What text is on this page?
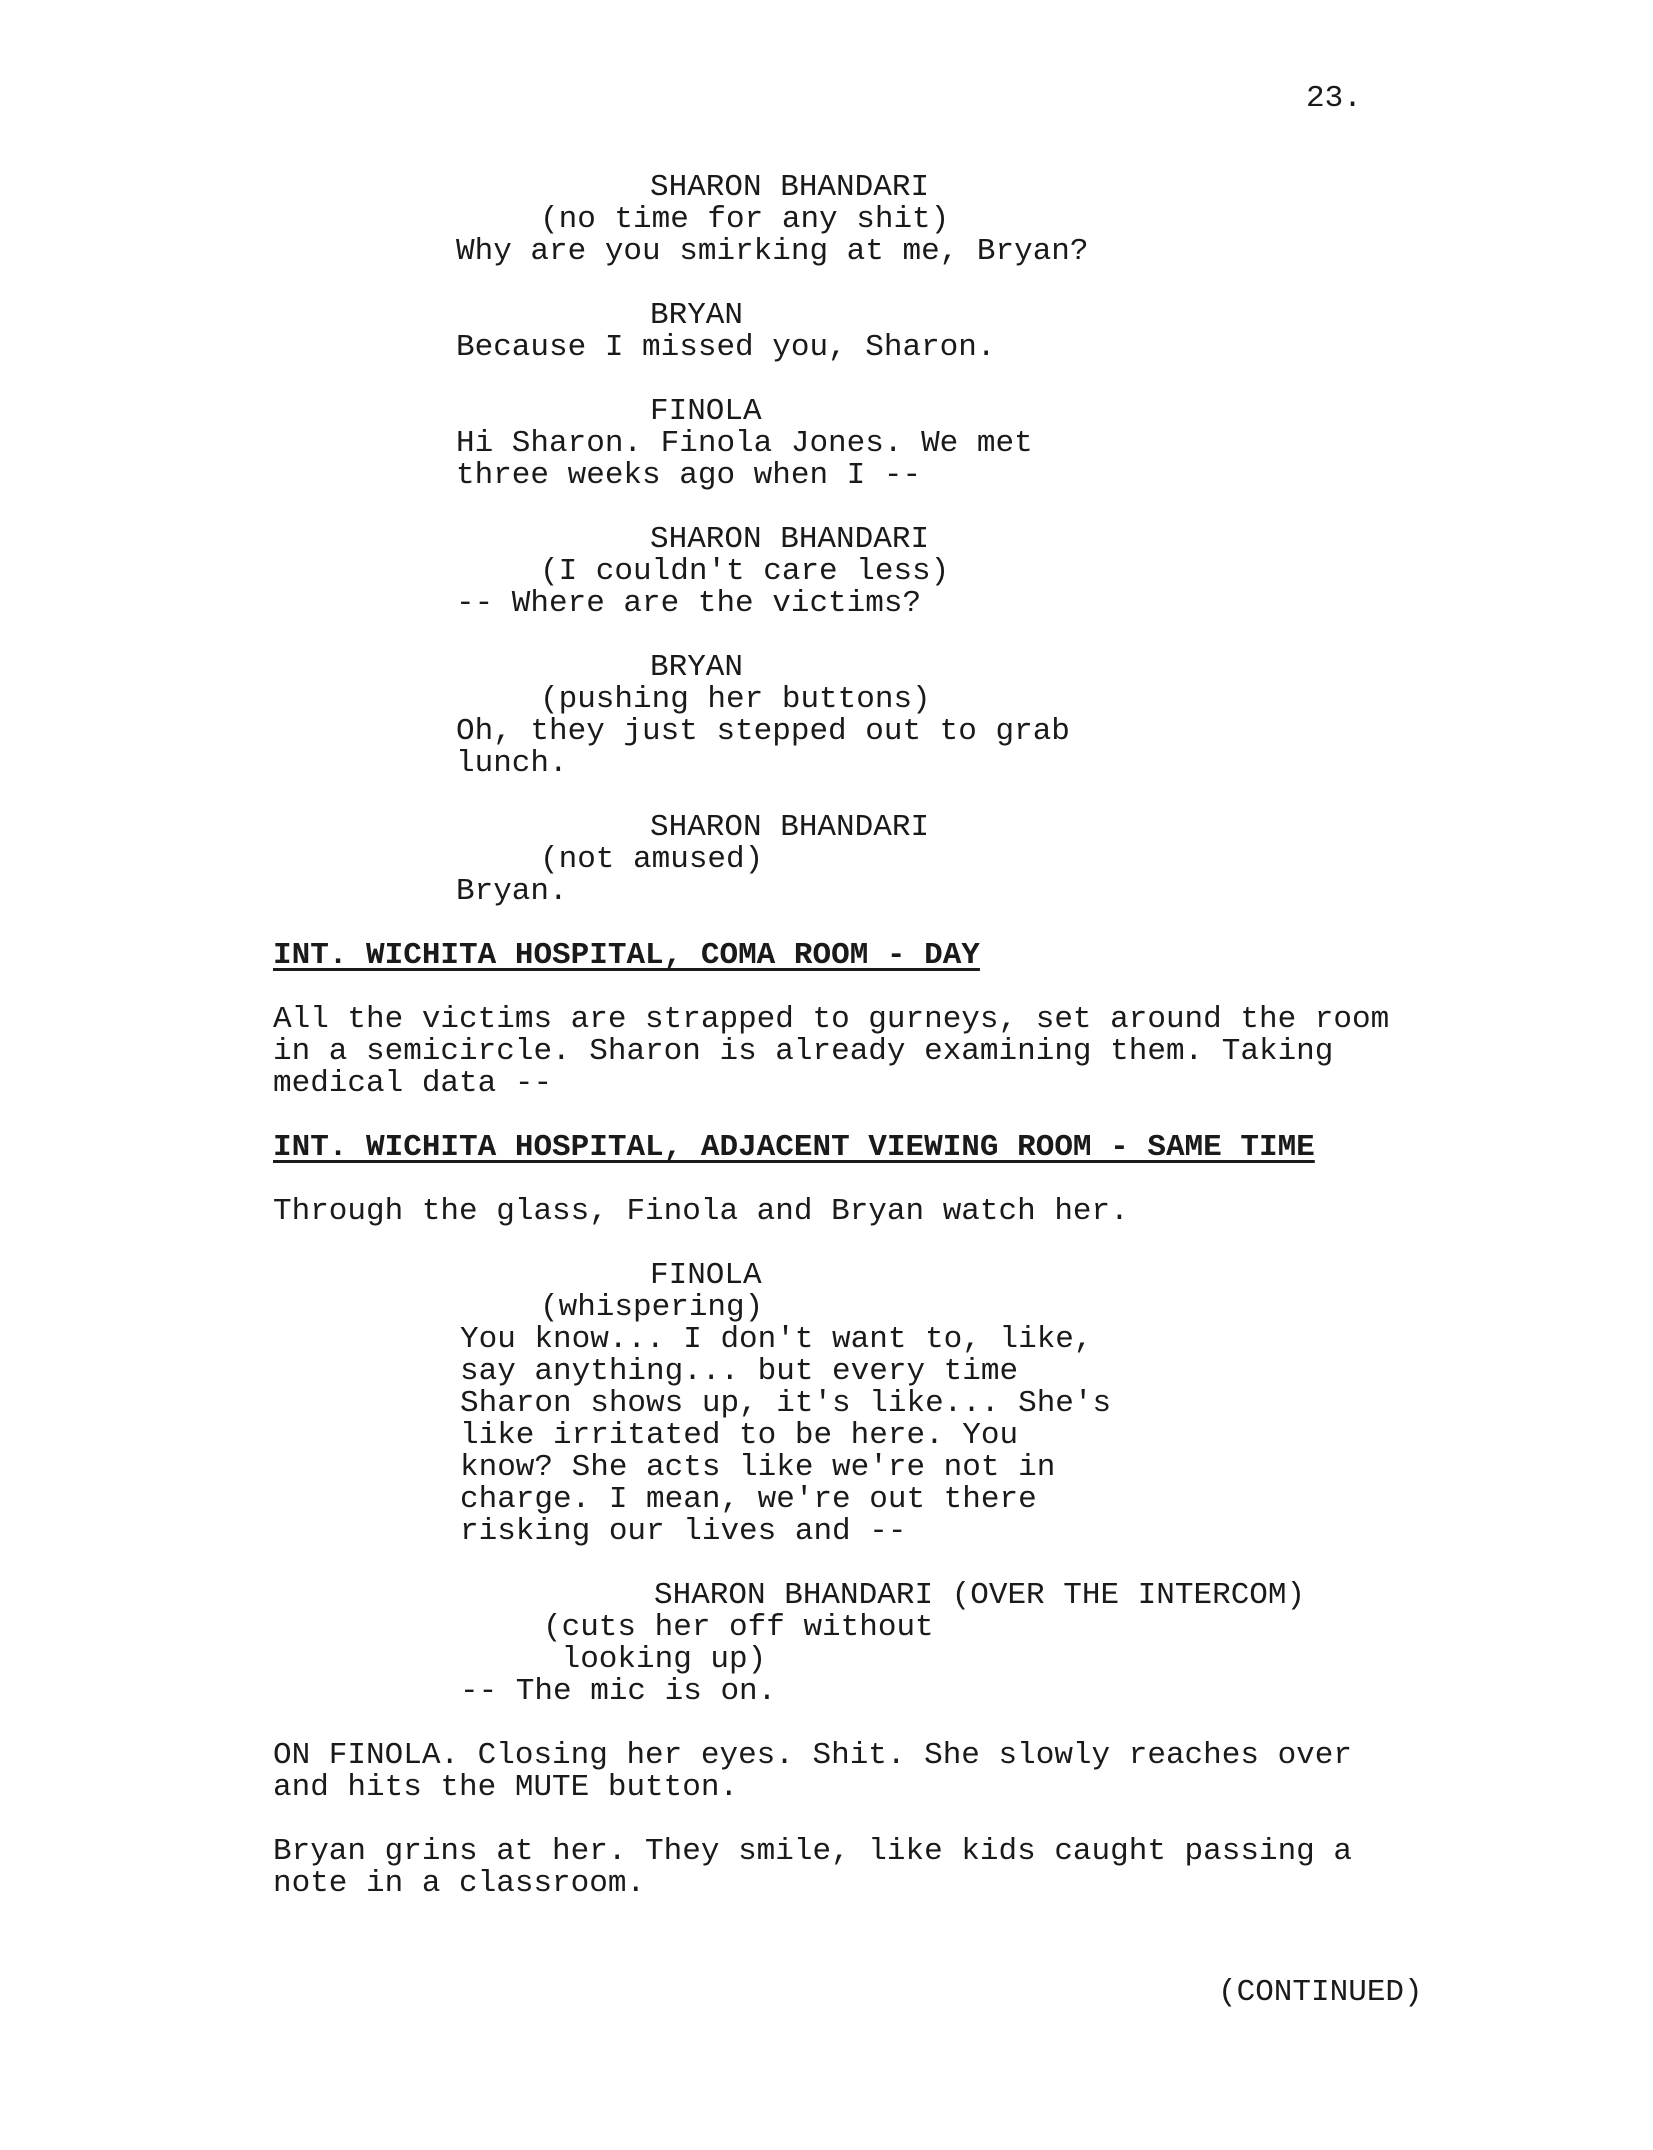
23.
SHARON BHANDARI
(no time for any shit)
Why are you smirking at me, Bryan?
BRYAN
Because I missed you, Sharon.
FINOLA
Hi Sharon. Finola Jones. We met
three weeks ago when I --
SHARON BHANDARI
(I couldn't care less)
-- Where are the victims?
BRYAN
(pushing her buttons)
Oh, they just stepped out to grab
lunch.
SHARON BHANDARI
(not amused)
Bryan.
INT. WICHITA HOSPITAL, COMA ROOM - DAY
All the victims are strapped to gurneys, set around the room
in a semicircle. Sharon is already examining them. Taking
medical data --
INT. WICHITA HOSPITAL, ADJACENT VIEWING ROOM - SAME TIME
Through the glass, Finola and Bryan watch her.
FINOLA
(whispering)
You know... I don't want to, like,
say anything... but every time
Sharon shows up, it's like... She's
like irritated to be here. You
know? She acts like we're not in
charge. I mean, we're out there
risking our lives and --
SHARON BHANDARI (OVER THE INTERCOM)
(cuts her off without
looking up)
-- The mic is on.
ON FINOLA. Closing her eyes. Shit. She slowly reaches over
and hits the MUTE button.
Bryan grins at her. They smile, like kids caught passing a
note in a classroom.
(CONTINUED)
